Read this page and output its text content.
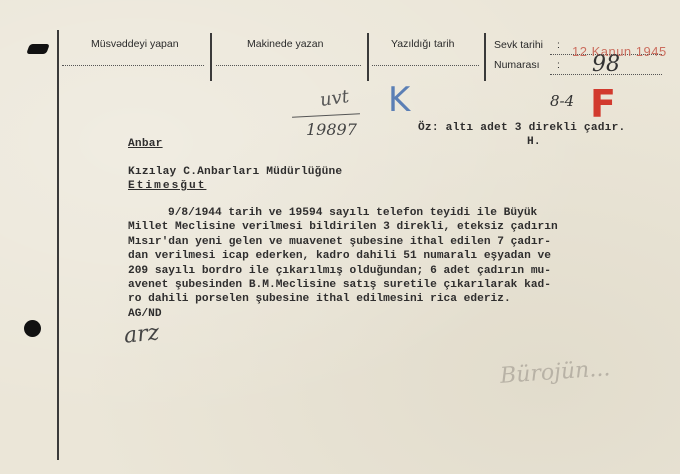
Müsvəddeyi yapan	Makinede yazan	Yazıldığı tarih	Sevk tarihi :
Numarası :
12 Kanun 1945
98
uvt
19897
K	8-4 F
Öz: altı adet 3 direkli çadır.
H.
Anbar
Kızılay C.Anbarları Müdürlüğüne
Etimesğut
9/8/1944 tarih ve 19594 sayılı telefon teyidi ile Büyük
Millet Meclisine verilmesi bildirilen 3 direkli, eteksiz çadırın
Mısır'dan yeni gelen ve muavenet şubesine ithal edilen 7 çadır-
dan verilmesi icap ederken, kadro dahili 51 numaralı eşyadan ve
209 sayılı bordro ile çıkarılmış olduğundan; 6 adet çadırın mu-
avenet şubesinden B.M.Meclisine satış suretile çıkarılarak kad-
ro dahili porselen şubesine ithal edilmesini rica ederiz.
AG/ND
arz
Bürojün...
